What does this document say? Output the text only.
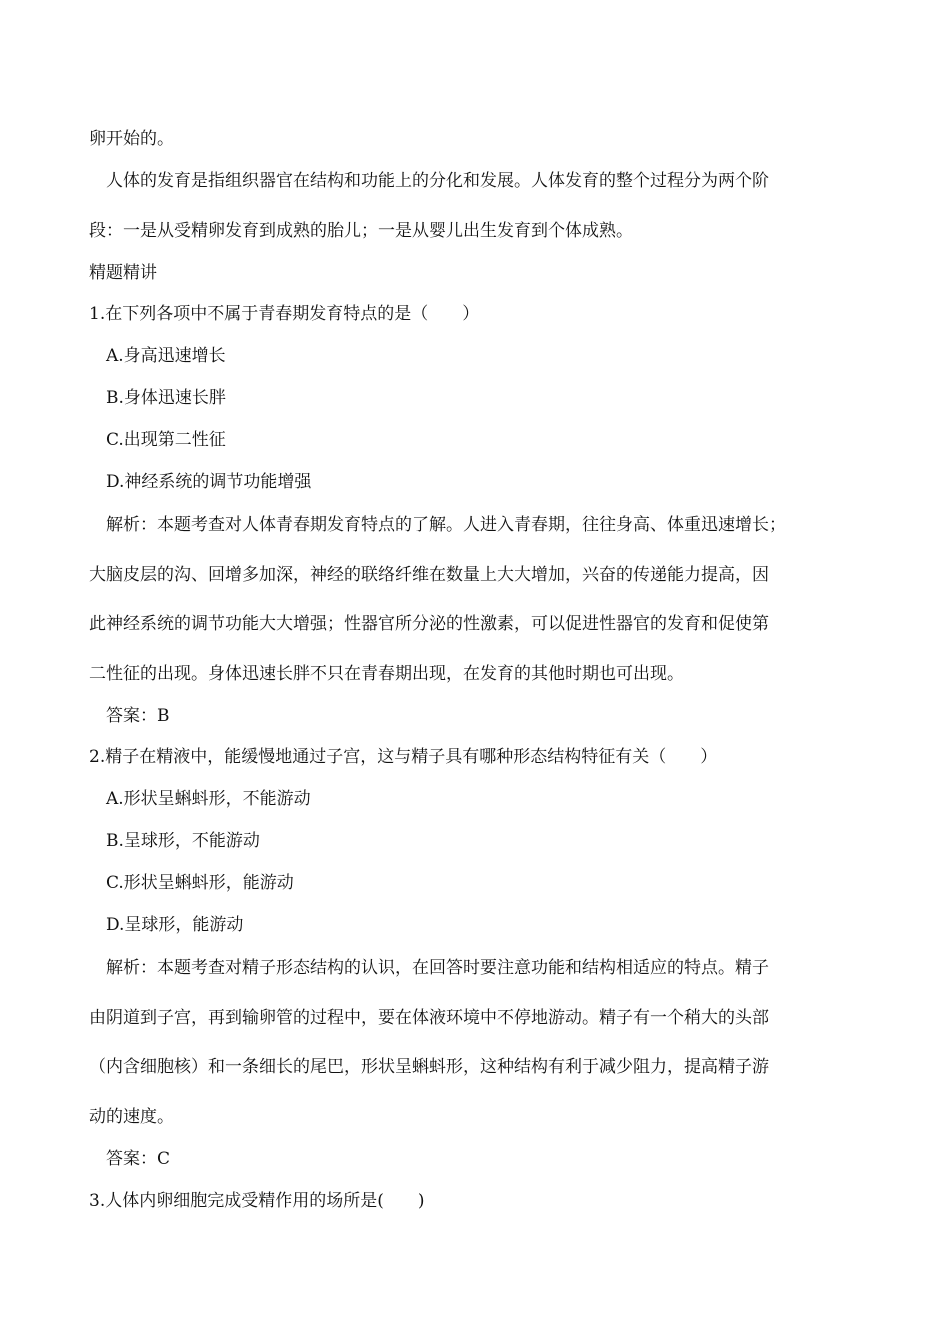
卵开始的。
人体的发育是指组织器官在结构和功能上的分化和发展。人体发育的整个过程分为两个阶
段：一是从受精卵发育到成熟的胎儿；一是从婴儿出生发育到个体成熟。
精题精讲
1.在下列各项中不属于青春期发育特点的是（　　）
A.身高迅速增长
B.身体迅速长胖
C.出现第二性征
D.神经系统的调节功能增强
解析：本题考查对人体青春期发育特点的了解。人进入青春期，往往身高、体重迅速增长；
大脑皮层的沟、回增多加深，神经的联络纤维在数量上大大增加，兴奋的传递能力提高，因
此神经系统的调节功能大大增强；性器官所分泌的性激素，可以促进性器官的发育和促使第
二性征的出现。身体迅速长胖不只在青春期出现，在发育的其他时期也可出现。
答案：B
2.精子在精液中，能缓慢地通过子宫，这与精子具有哪种形态结构特征有关（　　）
A.形状呈蝌蚪形，不能游动
B.呈球形，不能游动
C.形状呈蝌蚪形，能游动
D.呈球形，能游动
解析：本题考查对精子形态结构的认识，在回答时要注意功能和结构相适应的特点。精子
由阴道到子宫，再到输卵管的过程中，要在体液环境中不停地游动。精子有一个稍大的头部
（内含细胞核）和一条细长的尾巴，形状呈蝌蚪形，这种结构有利于减少阻力，提高精子游
动的速度。
答案：C
3.人体内卵细胞完成受精作用的场所是(　　)
